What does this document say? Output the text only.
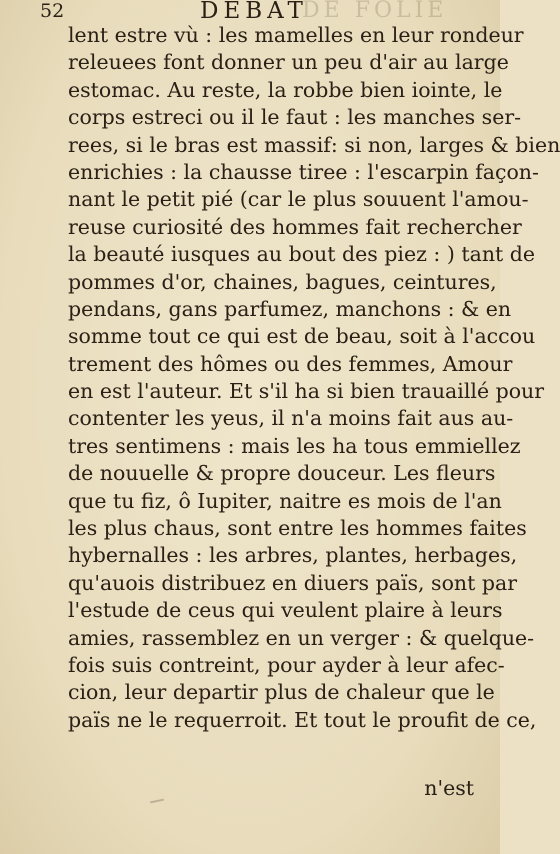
52	DEBAT
DE FOLIE
lent estre vù : les mamelles en leur rondeur
releuees font donner un peu d'air au large
estomac. Au reste, la robbe bien iointe, le
corps estreci ou il le faut : les manches ser-
rees, si le bras est massif: si non, larges & bien
enrichies : la chausse tiree : l'escarpin façon-
nant le petit pié (car le plus souuent l'amou-
reuse curiosité des hommes fait rechercher
la beauté iusques au bout des piez : ) tant de
pommes d'or, chaines, bagues, ceintures,
pendans, gans parfumez, manchons : & en
somme tout ce qui est de beau, soit à l'accou
trement des hômes ou des femmes, Amour
en est l'auteur. Et s'il ha si bien trauaillé pour
contenter les yeus, il n'a moins fait aus au-
tres sentimens : mais les ha tous emmiellez
de nouuelle & propre douceur. Les fleurs
que tu fiz, ô Iupiter, naitre es mois de l'an
les plus chaus, sont entre les hommes faites
hybernalles : les arbres, plantes, herbages,
qu'auois distribuez en diuers païs, sont par
l'estude de ceus qui veulent plaire à leurs
amies, rassemblez en un verger : & quelque-
fois suis contreint, pour ayder à leur afec-
cion, leur departir plus de chaleur que le
païs ne le requerroit. Et tout le proufit de ce,
n'est
